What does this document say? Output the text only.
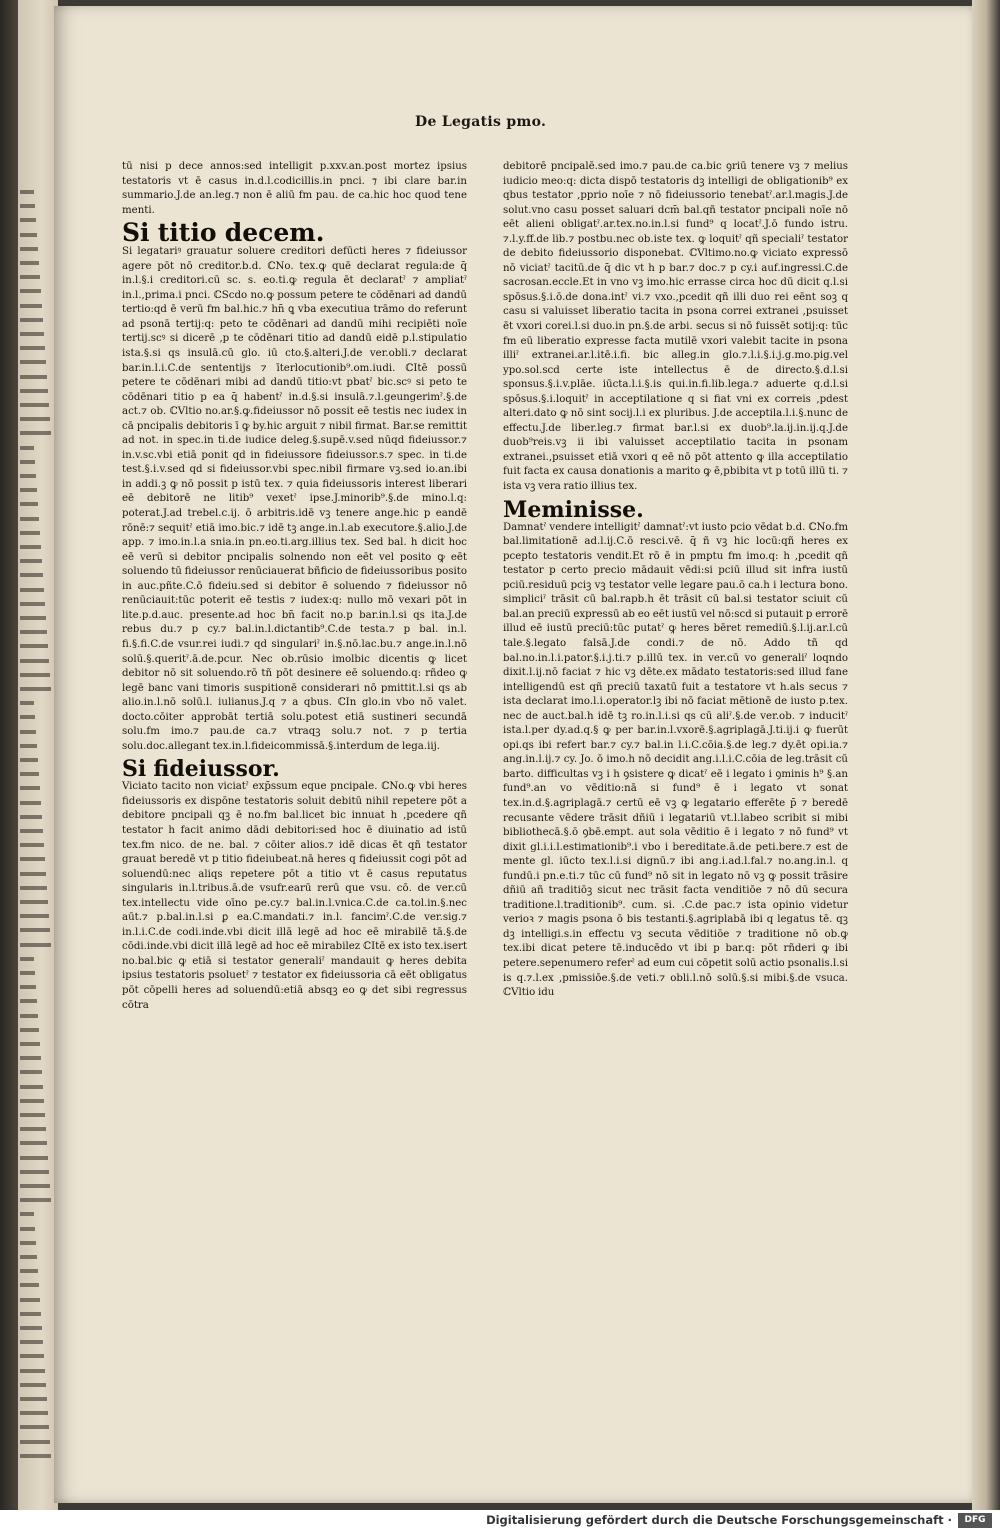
De Legatis pmo.

tū nisi p dece annos:sed intelligit p.xxv.an.post mortez ipsius testatoris vt ē casus in.d.l.codicillis.in pnci. ⁊ ibi clare bar.in summario.J.de an.leg.⁊ non ē aliū fm pau. de ca.hic hoc quod tene menti.

Si titio decem.

Si legatariꝰ grauatur soluere creditori defūcti heres ⁊ fideiussor agere pōt nō creditor.b.d. ℂNo. tex.ꝙ quē declarat regula:de q̄ in.l.§.i creditori.cū sc. s. eo.ti.ꝙ regula ēt declaratˀ ⁊ ampliatˀ in.l.,prima.i pnci. ℂScdo no.ꝙ possum petere te cōdēnari ad dandū tertio:qd ē verū fm bal.hic.⁊ hn̄ ꝗ vba executiua trāmo do referunt ad psonā tertij:q: peto te cōdēnari ad dandū mihi recipiēti noīe tertij.scꝰ si dicerē ,p te cōdēnari titio ad dandū eidē p.l.stipulatio ista.§.si qs insulā.cū glo. iū cto.§.alteri.J.de ver.obli.⁊ declarat bar.in.l.i.C.de sententijs ⁊ īterlocutionib⁹.om.iudi. ℂItē possū petere te cōdēnari mibi ad dandū titio:vt pbatˀ bic.scꝰ si peto te cōdēnari titio p ea q̄ habentˀ in.d.§.si insulā.⁊.l.geungerimˀ.§.de act.⁊ ob. ℂVltio no.ar.§.ꝙ.fideiussor nō possit eē testis nec iudex in cā pncipalis debitoris ī ꝙ by.hic arguit ⁊ nibil firmat. Bar.se remittit ad not. in spec.in ti.de iudice deleg.§.supē.v.sed nūqd fideiussor.⁊ in.v.sc.vbi etiā ponit qd in fideiussore fideiussor.s.⁊ spec. in ti.de test.§.i.v.sed qd si fideiussor.vbi spec.nibil firmare vꝫ.sed io.an.ibi in addi.ꝫ ꝙ nō possit p istū tex. ⁊ quia fideiussoris interest liberari eē debitorē ne litib⁹ vexetˀ ipse.J.minorib⁹.§.de mino.l.q: poterat.J.ad trebel.c.ij. ō arbitris.idē vꝫ tenere ange.hic p eandē rōnē:⁊ sequitˀ etiā imo.bic.⁊ idē tꝫ ange.in.l.ab executore.§.alio.J.de app. ⁊ imo.in.l.a snia.in pn.eo.ti.arg.illius tex. Sed bal. h dicit hoc eē verū si debitor pncipalis solnendo non eēt vel posito ꝙ eēt soluendo tū fideiussor renūciauerat bñficio de fideiussoribus posito in auc.pñte.C.ō fideiu.sed si debitor ē soluendo ⁊ fideiussor nō renūciauit:tūc poterit eē testis ⁊ iudex:q: nullo mō vexari pōt in lite.p.d.auc. presente.ad hoc bn̄ facit no.p bar.in.l.si qs ita.J.de rebus du.⁊ p cy.⁊ bal.in.l.dictantib⁹.C.de testa.⁊ p bal. in.l. fi.§.fi.C.de vsur.rei iudi.⁊ qd singulariˀ in.§.nō.lac.bu.⁊ ange.in.l.nō solū.§.queritˀ.ā.de.pcur. Nec ob.rūsio imolbic dicentis ꝙ licet debitor nō sit soluendo.rō tñ pōt desinere eē soluendo.q: rñdeo ꝙ legē banc vani timoris suspitionē considerari nō pmittit.l.si qs ab alio.in.l.nō solū.l. iulianus.J.q ⁊ a qbus. ℂIn glo.in vbo nō valet. docto.cōiter approbāt tertiā solu.potest etiā sustineri secundā solu.fm imo.⁊ pau.de ca.⁊ vtraqꝫ solu.⁊ not. ⁊ p tertia solu.doc.allegant tex.in.l.fideicommissā.§.interdum de lega.iij.

Si fideiussor.

Viciato tacito non viciatˀ exp̄ssum eque pncipale. ℂNo.ꝙ vbi heres fideiussoris ex dispōne testatoris soluit debitū nihil repetere pōt a debitore pncipali qꝫ ē no.fm bal.licet bic innuat h ,pcedere qñ testator h facit animo dādi debitori:sed hoc ē diuinatio ad istū tex.fm nico. de ne. bal. ⁊ cōiter alios.⁊ idē dicas ēt qñ testator grauat beredē vt p titio fideiubeat.nā heres q fideiussit cogi pōt ad soluendū:nec aliqs repetere pōt a titio vt ē casus reputatus singularis in.l.tribus.ā.de vsufr.earū rerū que vsu. cō. de ver.cū tex.intellectu vide oīno pe.cy.⁊ bal.in.l.vnica.C.de ca.tol.in.§.nec aūt.⁊ p.bal.in.l.si ꝑ ea.C.mandati.⁊ in.l. fancimˀ.C.de ver.sig.⁊ in.l.i.C.de codi.inde.vbi dicit illā legē ad hoc eē mirabilē tā.§.de cōdi.inde.vbi dicit illā legē ad hoc eē mirabilez ℂItē ex isto tex.isert no.bal.bic ꝙ etiā si testator generaliˀ mandauit ꝙ heres debita ipsius testatoris psoluetˀ ⁊ testator ex fideiussoria cā eēt obligatus pōt cōpelli heres ad soluendū:etiā absqꝫ eo ꝙ det sibi regressus cōtra

debitorē pncipalē.sed imo.⁊ pau.de ca.bic ꝯriū tenere vꝫ ⁊ melius iudicio meo:q: dicta dispō testatoris dꝫ intelligi de obligationib⁹ ex qbus testator ,pprio noīe ⁊ nō fideiussorio tenebatˀ.ar.l.magis.J.de solut.vno casu posset saluari dcm̄ bal.qñ testator pncipali noīe nō eēt alieni obligatˀ.ar.tex.no.in.l.si fund⁹ q locatˀ.J.ō fundo istru. ⁊.l.y.ff.de lib.⁊ postbu.nec ob.iste tex. ꝙ loquitˀ qñ specialiˀ testator de debito fideiussorio disponebat. ℂVltimo.no.ꝙ viciato expressō nō viciatˀ tacitū.de q̄ dic vt h p bar.⁊ doc.⁊ p cy.i auf.ingressi.C.de sacrosan.eccle.Et in vno vꝫ imo.hic errasse circa hoc dū dicit q.l.si spōsus.§.i.ō.de dona.intˀ vi.⁊ vxo.,pcedit qñ illi duo rei eēnt soꝫ q casu si valuisset liberatio tacita in psona correi extranei ,psuisset ēt vxori corei.l.si duo.in pn.§.de arbi. secus si nō fuissēt sotij:q: tūc fm eū liberatio expresse facta mutilē vxori valebit tacite in psona illiˀ extranei.ar.l.itē.i.fi. bic alleg.in glo.⁊.l.i.§.i.j.g.mo.pig.vel ypo.sol.scd certe iste intellectus ē de directo.§.d.l.si sponsus.§.i.v.plāe. iūcta.l.i.§.is qui.in.fi.lib.lega.⁊ aduerte q.d.l.si spōsus.§.i.loquitˀ in acceptilatione q si fiat vni ex correis ,pdest alteri.dato ꝙ nō sint socij.l.i ex pluribus. J.de acceptila.l.i.§.nunc de effectu.J.de liber.leg.⁊ firmat bar.l.si ex duob⁹.la.ij.in.ij.q.J.de duob⁹reis.vꝫ ii ibi valuisset acceptilatio tacita in psonam extranei.,psuisset etiā vxori q eē nō pōt attento ꝙ illa acceptilatio fuit facta ex causa donationis a marito ꝙ ē,pbibita vt p totū illū ti. ⁊ ista vꝫ vera ratio illius tex.

Meminisse.

Damnatˀ vendere intelligitˀ damnatˀ:vt iusto pcio vēdat b.d. ℂNo.fm bal.limitationē ad.l.ij.C.ō resci.vē. q̄ ñ vꝫ hic locū:qñ heres ex pcepto testatoris vendit.Et rō ē in pmptu fm imo.q: h ,pcedit qñ testator p certo precio mādauit vēdi:si pciū illud sit infra iustū pciū.residuū pciꝫ vꝫ testator velle legare pau.ō ca.h i lectura bono. simpliciˀ trāsit cū bal.rapb.h ēt trāsit cū bal.si testator sciuit cū bal.an preciū expressū ab eo eēt iustū vel nō:scd si putauit p errorē illud eē iustū preciū:tūc putatˀ ꝙ heres bēret remediū.§.l.ij.ar.l.cū tale.§.legato falsā.J.de condi.⁊ de nō. Addo tñ qd bal.no.in.l.i.pator.§.i.j.ti.⁊ p.illū tex. in ver.cū vo generaliˀ loqndo dixit.l.ij.nō faciat ⁊ hic vꝫ dēte.ex mādato testatoris:sed illud fane intelligendū est qñ preciū taxatū fuit a testatore vt h.als secus ⁊ ista declarat imo.l.i.operator.lꝫ ibi nō faciat mētionē de iusto p.tex. nec de auct.bal.h idē tꝫ ro.in.l.i.si qs cū aliˀ.§.de ver.ob. ⁊ inducitˀ ista.l.per dy.ad.q.§ ꝙ per bar.in.l.vxorē.§.agriplagā.J.ti.ij.i ꝙ fuerūt opi.qs ibi refert bar.⁊ cy.⁊ bal.in l.i.C.cōia.§.de leg.⁊ dy.ēt opi.ia.⁊ ang.in.l.ij.⁊ cy. Jo. ō imo.h nō decidit ang.i.l.i.C.cōia de leg.trāsit cū barto. difficultas vꝫ i h ꝯsistere ꝙ dicatˀ eē i legato i ꝯminis h⁹ §.an fund⁹.an vo vēditio:nā si fund⁹ ē i legato vt sonat tex.in.d.§.agriplagā.⁊ certū eē vꝫ ꝙ legatario efferēte p̄ ⁊ beredē recusante vēdere trāsit dñiū i legatariū vt.l.labeo scribit si mibi bibliothecā.§.ō ꝯbē.empt. aut sola vēditio ē i legato ⁊ nō fund⁹ vt dixit gl.i.i.l.estimationib⁹.i vbo i bereditate.ā.de peti.bere.⁊ est de mente gl. iūcto tex.l.i.si dignū.⁊ ibi ang.i.ad.l.fal.⁊ no.ang.in.l. q fundū.i pn.e.ti.⁊ tūc cū fund⁹ nō sit in legato nō vꝫ ꝙ possit trāsire dñiū añ traditiōꝫ sicut nec trāsit facta venditiōe ⁊ nō dū secura traditione.l.traditionib⁹. cum. si. .C.de pac.⁊ ista opinio videtur verioꝛ ⁊ magis psona ō bis testanti.§.agriplabā ibi q legatus tē. qꝫ dꝫ intelligi.s.in effectu vꝫ secuta vēditiōe ⁊ traditione nō ob.ꝙ tex.ibi dicat petere tē.inducēdo vt ibi p bar.q: pōt rñderi ꝙ ibi petere.sepenumero referˀ ad eum cui cōpetit solū actio psonalis.l.si is q.⁊.l.ex ,pmissiōe.§.de veti.⁊ obli.l.nō solū.§.si mibi.§.de vsuca. ℂVltio idu

Digitalisierung gefördert durch die Deutsche Forschungsgemeinschaft ·	DFG
